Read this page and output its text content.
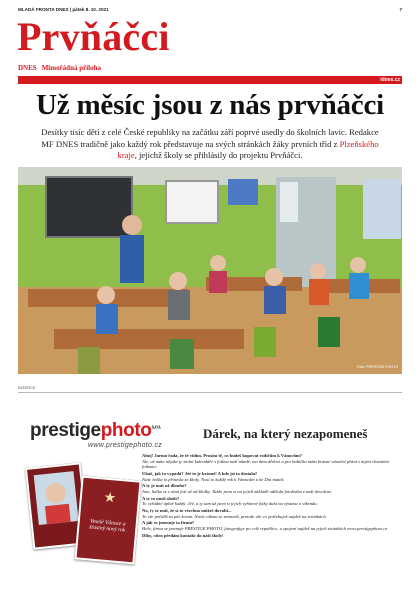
MLADÁ FRONTA DNES | pátek 8. 10. 2021	7
Prvňáčci
DNES Mimořádná příloha
idnes.cz
Už měsíc jsou z nás prvňáčci
Desítky tisíc dětí z celé České republiky na začátku září poprvé usedly do školních lavic. Redakce MF DNES tradičně jako každý rok představuje na svých stránkách žáky prvních tříd z Plzeňského kraje, jejichž školy se přihlásily do projektu Prvňáčci.
Foto: PRESTIGE PHOTO
INZERCE
prestigephoto$^{s.r.o.}$
www.prestigephoto.cz
Dárek, na který nezapomeneš
★
Veselé Vánoce a šťastný nový rok
Ahoj! Jarmo řada, že tě vidím. Prosím tě, co budeš kupovat rodičům k Vánocům?
Ale, už mám nějaké ty stolní kalendáře s fotkou naší mladé, ten dám dědovi a pro babičku mám krásné vánoční přání s mými vlastními fotkami.
Ukaž, jak to vypadá? Jéé to je krásné! A kde jsi to dostala?
Naše holka to přinesla ze školy. Nosí to každý rok k Vánocům a ke Dni matek.
A ty je máš už dlouho?
Ano, holka se s nimi fotí už od školky. Takže jsem si na jejich základě udělala fotoknihu z naší dovolené.
A ty to umíš složit?
To vyřádné úplně každý. Jéé, a ty tam už jsem si jejich vyřízené fotky dala na výstavu o víkendu.
No, ty se máš, že si to všechno můžeš dovolit...
To vše pořídíš za pár korun. Navíc nikam se nemusíš, protože vše co potřebuješ najdeš na stránkách.
A jak se jmenuje ta firma?
Hele, firma se jmenuje PRESTIGE PHOTO, fotografuje po celé republice, a spojení najdeš na jejich stránkách www.prestigephoto.cz
Díky, ctíra předám kontakt do naší školy!
